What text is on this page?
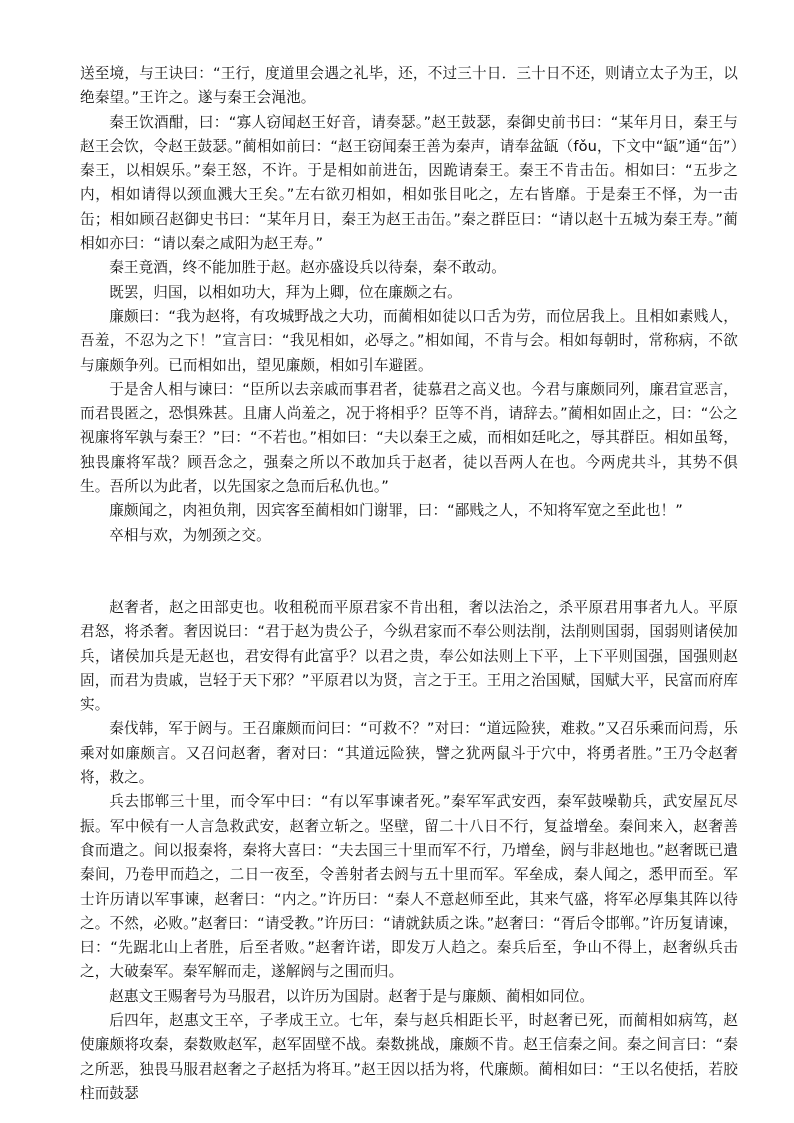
送至境，与王诀曰：“王行，度道里会遇之礼毕，还，不过三十日．三十日不还，则请立太子为王，以绝秦望。”王许之。遂与秦王会渑池。

秦王饮酒酣，曰：“寡人窃闻赵王好音，请奏瑟。”赵王鼓瑟，秦御史前书曰：“某年月日，秦王与赵王会饮，令赵王鼓瑟。”蔺相如前曰：“赵王窃闻秦王善为秦声，请奉盆缻（fǒu，下文中“缻”通“缶”）秦王，以相娱乐。”秦王怒，不许。于是相如前进缶，因跪请秦王。秦王不肯击缶。相如曰：“五步之内，相如请得以颈血溅大王矣。”左右欲刃相如，相如张目叱之，左右皆靡。于是秦王不怿，为一击缶；相如顾召赵御史书曰：“某年月日，秦王为赵王击缶。”秦之群臣曰：“请以赵十五城为秦王寿。”蔺相如亦曰：“请以秦之咸阳为赵王寿。”

秦王竟酒，终不能加胜于赵。赵亦盛设兵以待秦，秦不敢动。

既罢，归国，以相如功大，拜为上卿，位在廉颇之右。

廉颇曰：“我为赵将，有攻城野战之大功，而蔺相如徒以口舌为劳，而位居我上。且相如素贱人，吾羞，不忍为之下！”宣言曰：“我见相如，必辱之。”相如闻，不肯与会。相如每朝时，常称病，不欲与廉颇争列。已而相如出，望见廉颇，相如引车避匿。

于是舍人相与谏曰：“臣所以去亲戚而事君者，徒慕君之高义也。今君与廉颇同列，廉君宣恶言，而君畏匿之，恐惧殊甚。且庸人尚羞之，况于将相乎？臣等不肖，请辞去。”蔺相如固止之，曰：“公之视廉将军孰与秦王？”曰：“不若也。”相如曰：“夫以秦王之威，而相如廷叱之，辱其群臣。相如虽驽，独畏廉将军哉？顾吾念之，强秦之所以不敢加兵于赵者，徒以吾两人在也。今两虎共斗，其势不俱生。吾所以为此者，以先国家之急而后私仇也。”

廉颇闻之，肉袒负荆，因宾客至蔺相如门谢罪，曰：“鄙贱之人，不知将军宽之至此也！”

卒相与欢，为刎颈之交。

赵奢者，赵之田部吏也。收租税而平原君家不肯出租，奢以法治之，杀平原君用事者九人。平原君怒，将杀奢。奢因说曰：“君于赵为贵公子，今纵君家而不奉公则法削，法削则国弱，国弱则诸侯加兵，诸侯加兵是无赵也，君安得有此富乎？以君之贵，奉公如法则上下平，上下平则国强，国强则赵固，而君为贵戚，岂轻于天下邪？”平原君以为贤，言之于王。王用之治国赋，国赋大平，民富而府库实。

秦伐韩，军于阏与。王召廉颇而问曰：“可救不？”对曰：“道远险狭，难救。”又召乐乘而问焉，乐乘对如廉颇言。又召问赵奢，奢对曰：“其道远险狭，譬之犹两鼠斗于穴中，将勇者胜。”王乃令赵奢将，救之。

兵去邯郸三十里，而令军中曰：“有以军事谏者死。”秦军军武安西，秦军鼓噪勒兵，武安屋瓦尽振。军中候有一人言急救武安，赵奢立斩之。坚壁，留二十八日不行，复益增垒。秦间来入，赵奢善食而遣之。间以报秦将，秦将大喜曰：“夫去国三十里而军不行，乃增垒，阏与非赵地也。”赵奢既已遣秦间，乃卷甲而趋之，二日一夜至，令善射者去阏与五十里而军。军垒成，秦人闻之，悉甲而至。军士许历请以军事谏，赵奢曰：“内之。”许历曰：“秦人不意赵师至此，其来气盛，将军必厚集其阵以待之。不然，必败。”赵奢曰：“请受教。”许历曰：“请就鈇质之诛。”赵奢曰：“胥后令邯郸。”许历复请谏，曰：“先踞北山上者胜，后至者败。”赵奢许诺，即发万人趋之。秦兵后至，争山不得上，赵奢纵兵击之，大破秦军。秦军解而走，遂解阏与之围而归。

赵惠文王赐奢号为马服君，以许历为国尉。赵奢于是与廉颇、蔺相如同位。

后四年，赵惠文王卒，子孝成王立。七年，秦与赵兵相距长平，时赵奢已死，而蔺相如病笃，赵使廉颇将攻秦，秦数败赵军，赵军固壁不战。秦数挑战，廉颇不肯。赵王信秦之间。秦之间言曰：“秦之所恶，独畏马服君赵奢之子赵括为将耳。”赵王因以括为将，代廉颇。蔺相如曰：“王以名使括，若胶柱而鼓瑟
